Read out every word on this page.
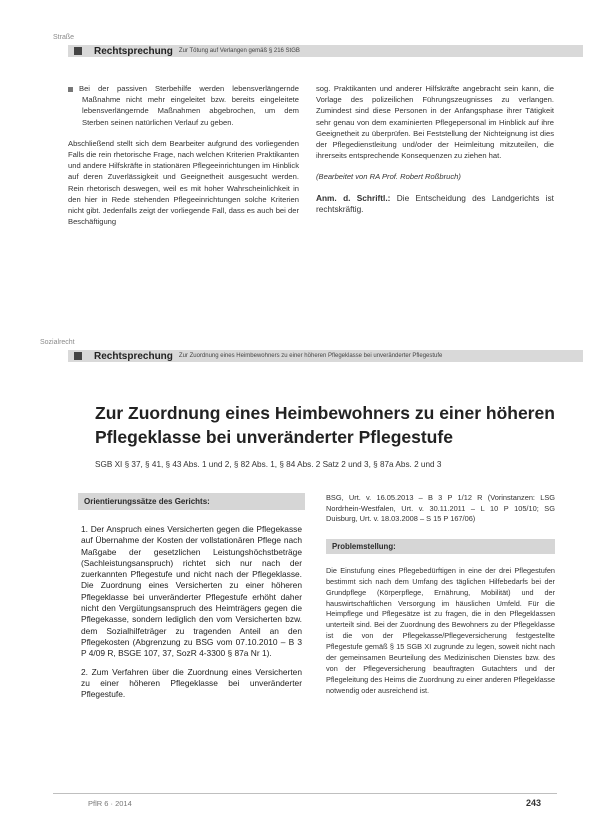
Straße
Rechtsprechung Zur Tötung auf Verlangen gemäß § 216 StGB

Bei der passiven Sterbehilfe werden lebensverlängernde Maßnahme nicht mehr eingeleitet bzw. bereits eingeleitete lebensverlängernde Maßnahmen abgebrochen, um dem Sterben seinen natürlichen Verlauf zu geben.

Abschließend stellt sich dem Bearbeiter aufgrund des vorliegenden Falls die rein rhetorische Frage, nach welchen Kriterien Praktikanten und andere Hilfskräfte in stationären Pflegeeinrichtungen im Hinblick auf deren Zuverlässigkeit und Geeignetheit ausgesucht werden. Rein rhetorisch deswegen, weil es mit hoher Wahrscheinlichkeit in den hier in Rede stehenden Pflegeeinrichtungen solche Kriterien nicht gibt. Jedenfalls zeigt der vorliegende Fall, dass es auch bei der Beschäftigung

sog. Praktikanten und anderer Hilfskräfte angebracht sein kann, die Vorlage des polizeilichen Führungszeugnisses zu verlangen. Zumindest sind diese Personen in der Anfangsphase ihrer Tätigkeit sehr genau von dem examinierten Pflegepersonal im Hinblick auf ihre Geeignetheit zu überprüfen. Bei Feststellung der Nichteignung ist dies der Pflegedienstleitung und/oder der Heimleitung mitzuteilen, die ihrerseits entsprechende Konsequenzen zu ziehen hat.

(Bearbeitet von RA Prof. Robert Roßbruch)

Anm. d. Schriftl.: Die Entscheidung des Landgerichts ist rechtskräftig.

Sozialrecht
Rechtsprechung Zur Zuordnung eines Heimbewohners zu einer höheren Pflegeklasse bei unveränderter Pflegestufe
Zur Zuordnung eines Heimbewohners zu einer höheren
Pflegeklasse bei unveränderter Pflegestufe
SGB XI § 37, § 41, § 43 Abs. 1 und 2, § 82 Abs. 1, § 84 Abs. 2 Satz 2 und 3, § 87a Abs. 2 und 3
Orientierungssätze des Gerichts:

1. Der Anspruch eines Versicherten gegen die Pflegekasse auf Übernahme der Kosten der vollstationären Pflege nach Maßgabe der gesetzlichen Leistungshöchstbeträge (Sachleistungsanspruch) richtet sich nur nach der zuerkannten Pflegestufe und nicht nach der Pflegeklasse. Die Zuordnung eines Versicherten zu einer höheren Pflegeklasse bei unveränderter Pflegestufe erhöht daher nicht den Vergütungsanspruch des Heimträgers gegen die Pflegekasse, sondern lediglich den vom Versicherten bzw. dem Sozialhilfeträger zu tragenden Anteil an den Pflegekosten (Abgrenzung zu BSG vom 07.10.2010 – B 3 P 4/09 R, BSGE 107, 37, SozR 4-3300 § 87a Nr 1).

2. Zum Verfahren über die Zuordnung eines Versicherten zu einer höheren Pflegeklasse bei unveränderter Pflegestufe.

BSG, Urt. v. 16.05.2013 – B 3 P 1/12 R (Vorinstanzen: LSG Nordrhein-Westfalen, Urt. v. 30.11.2011 – L 10 P 105/10; SG Duisburg, Urt. v. 18.03.2008 – S 15 P 167/06)

Problemstellung:

Die Einstufung eines Pflegebedürftigen in eine der drei Pflegestufen bestimmt sich nach dem Umfang des täglichen Hilfebedarfs bei der Grundpflege (Körperpflege, Ernährung, Mobilität) und der hauswirtschaftlichen Versorgung im häuslichen Umfeld. Für die Heimpflege und Pflegesätze ist zu fragen, die in den Pflegeklassen unterteilt sind. Bei der Zuordnung des Bewohners zu der Pflegeklasse ist die von der Pflegekasse/Pflegeversicherung festgestellte Pflegestufe gemäß § 15 SGB XI zugrunde zu legen, soweit nicht nach der gemeinsamen Beurteilung des Medizinischen Dienstes bzw. des von der Pflegeversicherung beauftragten Gutachters und der Pflegeleitung des Heims die Zuordnung zu einer anderen Pflegeklasse notwendig oder ausreichend ist.

PflR 6 · 2014	243
